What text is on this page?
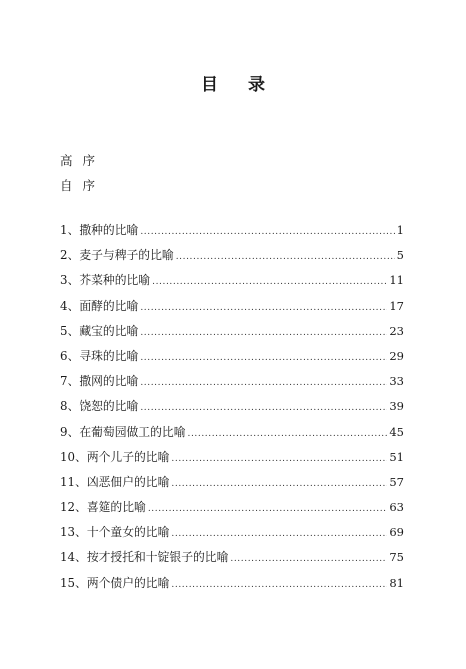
目 录
高 序
自 序
1、 撒种的比喻 .....	1
2、 麦子与稗子的比喻 .....	5
3、 芥菜种的比喻 .....	11
4、 面酵的比喻 .....	17
5、 藏宝的比喻 .....	23
6、 寻珠的比喻 .....	29
7、 撒网的比喻 .....	33
8、 饶恕的比喻 .....	39
9、 在葡萄园做工的比喻 .....	45
10、 两个儿子的比喻 .....	51
11、 凶恶佃户的比喻 .....	57
12、 喜筵的比喻 .....	63
13、 十个童女的比喻 .....	69
14、 按才授托和十锭银子的比喻 .....	75
15、 两个债户的比喻 .....	81
